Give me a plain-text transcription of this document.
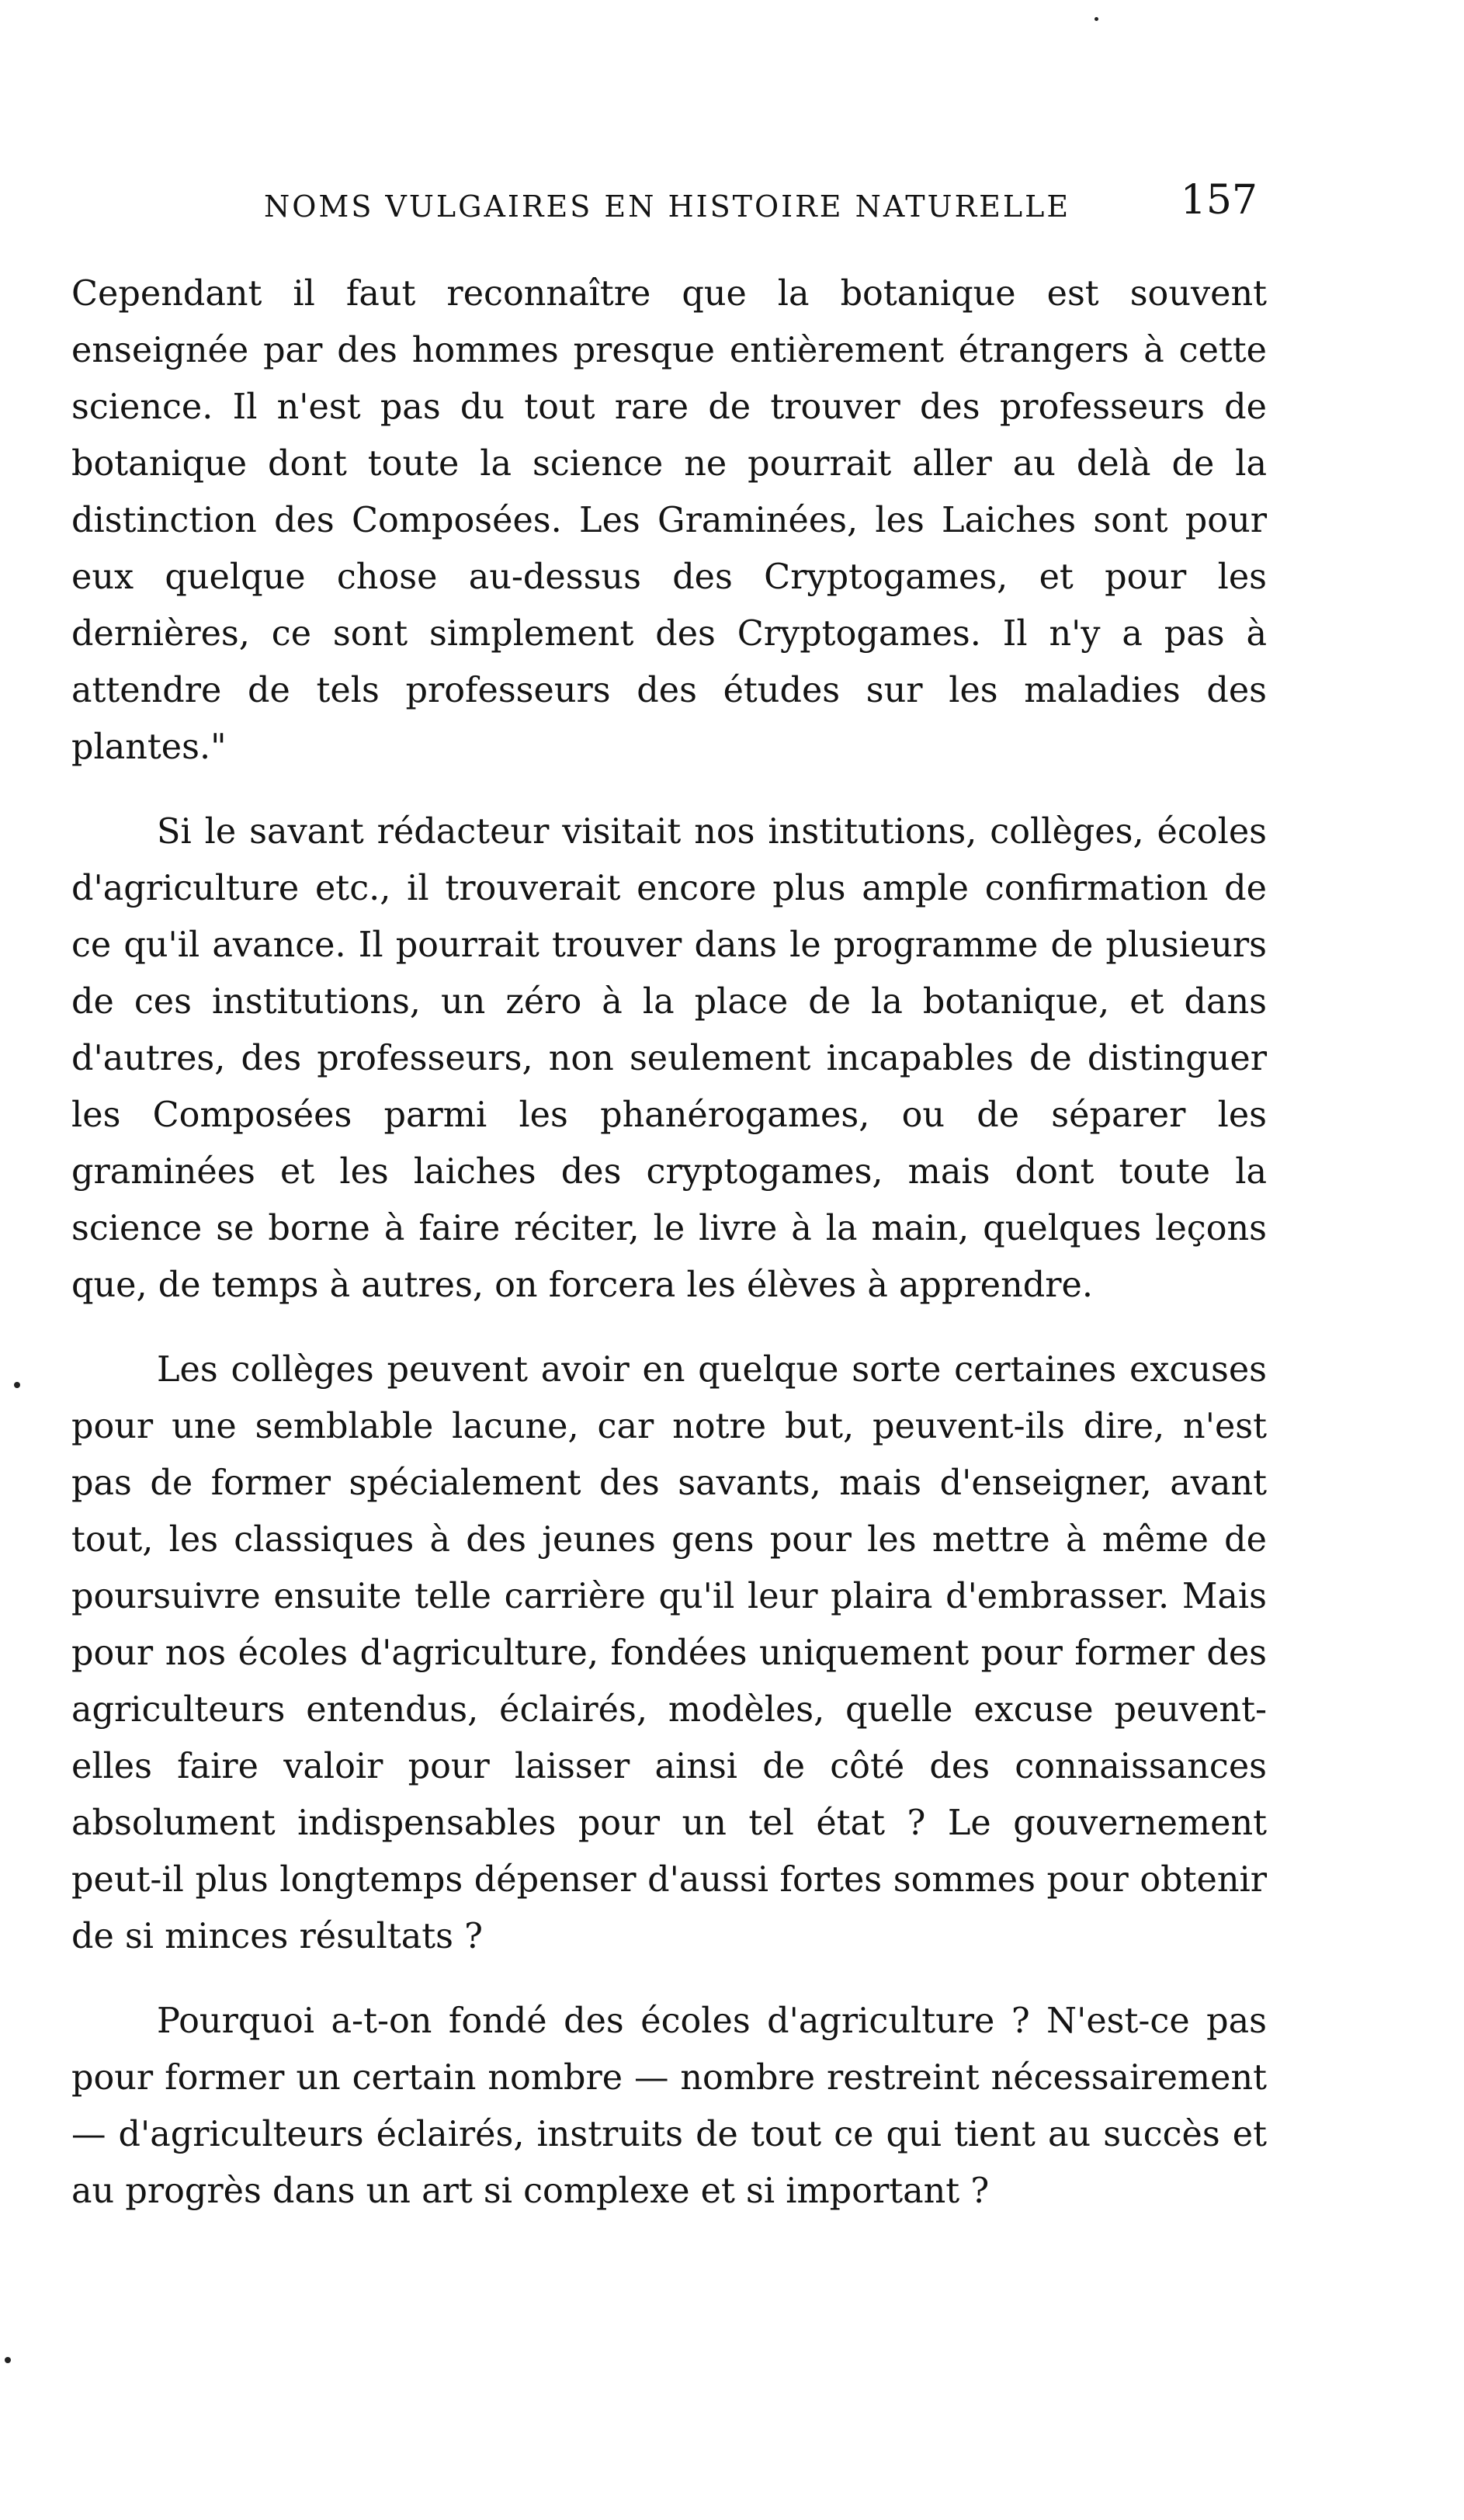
NOMS VULGAIRES EN HISTOIRE NATURELLE	157

Cependant il faut reconnaître que la botanique est souvent enseignée par des hommes presque entièrement étrangers à cette science. Il n'est pas du tout rare de trouver des professeurs de botanique dont toute la science ne pourrait aller au delà de la distinction des Composées. Les Graminées, les Laiches sont pour eux quelque chose au-dessus des Cryptogames, et pour les dernières, ce sont simplement des Cryptogames. Il n'y a pas à attendre de tels professeurs des études sur les maladies des plantes."

Si le savant rédacteur visitait nos institutions, collèges, écoles d'agriculture etc., il trouverait encore plus ample confirmation de ce qu'il avance. Il pourrait trouver dans le programme de plusieurs de ces institutions, un zéro à la place de la botanique, et dans d'autres, des professeurs, non seulement incapables de distinguer les Composées parmi les phanérogames, ou de séparer les graminées et les laiches des cryptogames, mais dont toute la science se borne à faire réciter, le livre à la main, quelques leçons que, de temps à autres, on forcera les élèves à apprendre.

Les collèges peuvent avoir en quelque sorte certaines excuses pour une semblable lacune, car notre but, peuvent-ils dire, n'est pas de former spécialement des savants, mais d'enseigner, avant tout, les classiques à des jeunes gens pour les mettre à même de poursuivre ensuite telle carrière qu'il leur plaira d'embrasser. Mais pour nos écoles d'agriculture, fondées uniquement pour former des agriculteurs entendus, éclairés, modèles, quelle excuse peuvent-elles faire valoir pour laisser ainsi de côté des connaissances absolument indispensables pour un tel état ? Le gouvernement peut-il plus longtemps dépenser d'aussi fortes sommes pour obtenir de si minces résultats ?

Pourquoi a-t-on fondé des écoles d'agriculture ? N'est-ce pas pour former un certain nombre — nombre restreint nécessairement — d'agriculteurs éclairés, instruits de tout ce qui tient au succès et au progrès dans un art si complexe et si important ?
